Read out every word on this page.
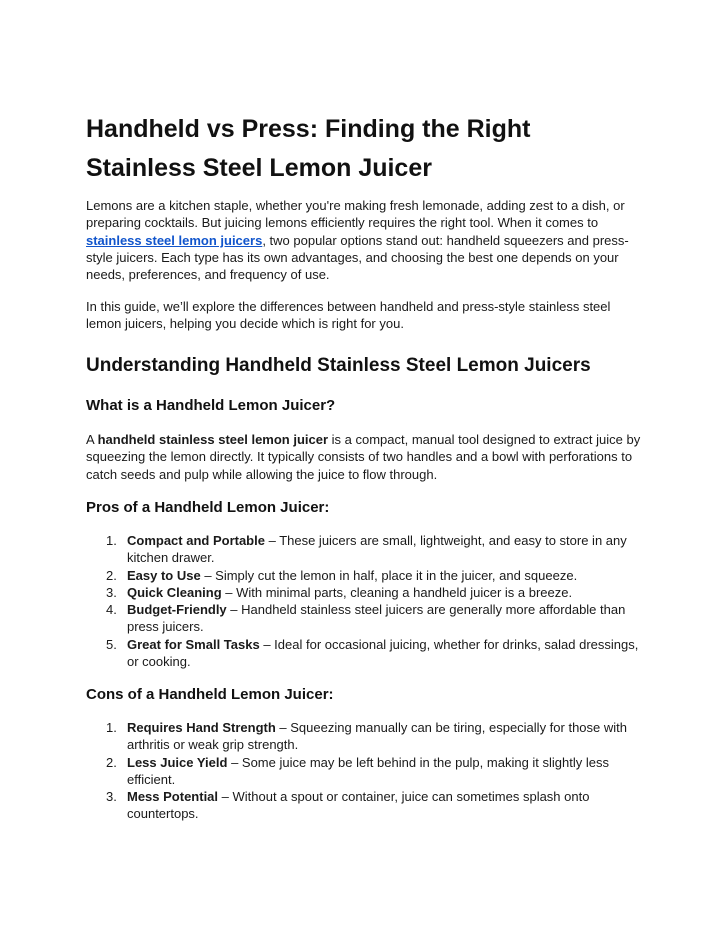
Handheld vs Press: Finding the Right Stainless Steel Lemon Juicer

Lemons are a kitchen staple, whether you're making fresh lemonade, adding zest to a dish, or preparing cocktails. But juicing lemons efficiently requires the right tool. When it comes to stainless steel lemon juicers, two popular options stand out: handheld squeezers and press-style juicers. Each type has its own advantages, and choosing the best one depends on your needs, preferences, and frequency of use.

In this guide, we’ll explore the differences between handheld and press-style stainless steel lemon juicers, helping you decide which is right for you.

Understanding Handheld Stainless Steel Lemon Juicers
What is a Handheld Lemon Juicer?

A handheld stainless steel lemon juicer is a compact, manual tool designed to extract juice by squeezing the lemon directly. It typically consists of two handles and a bowl with perforations to catch seeds and pulp while allowing the juice to flow through.

Pros of a Handheld Lemon Juicer:
1. Compact and Portable – These juicers are small, lightweight, and easy to store in any kitchen drawer.
2. Easy to Use – Simply cut the lemon in half, place it in the juicer, and squeeze.
3. Quick Cleaning – With minimal parts, cleaning a handheld juicer is a breeze.
4. Budget-Friendly – Handheld stainless steel juicers are generally more affordable than press juicers.
5. Great for Small Tasks – Ideal for occasional juicing, whether for drinks, salad dressings, or cooking.
Cons of a Handheld Lemon Juicer:
1. Requires Hand Strength – Squeezing manually can be tiring, especially for those with arthritis or weak grip strength.
2. Less Juice Yield – Some juice may be left behind in the pulp, making it slightly less efficient.
3. Mess Potential – Without a spout or container, juice can sometimes splash onto countertops.
